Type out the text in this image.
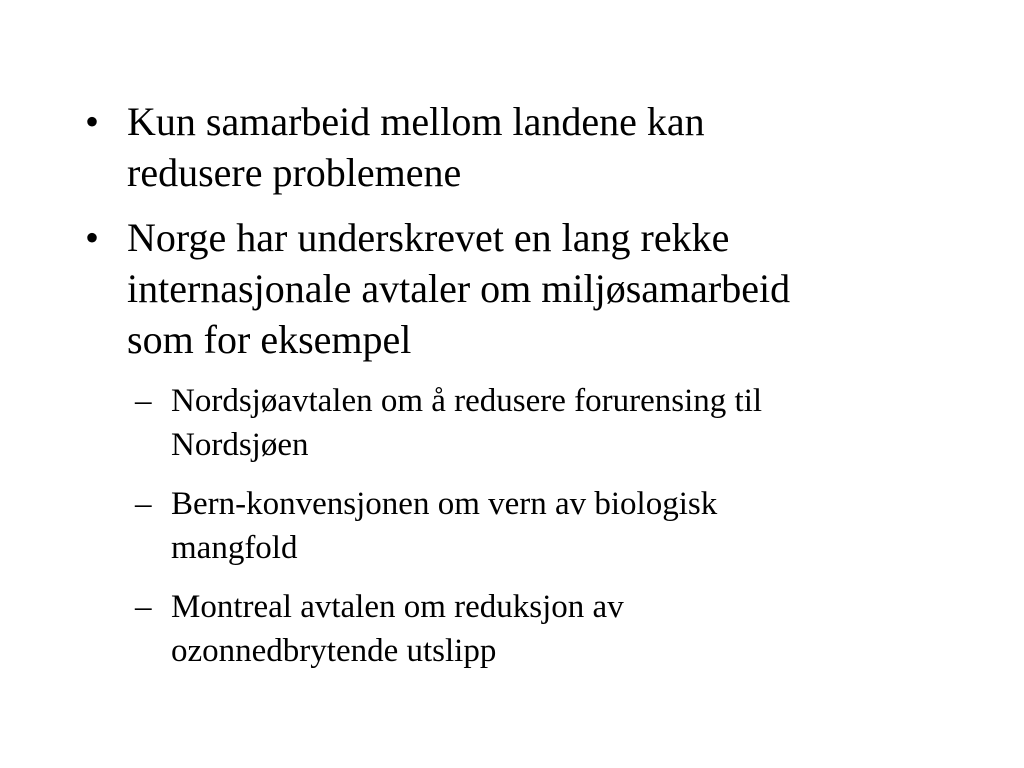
• Kun samarbeid mellom landene kan
redusere problemene
• Norge har underskrevet en lang rekke
internasjonale avtaler om miljøsamarbeid
som for eksempel
– Nordsjøavtalen om å redusere forurensing til
Nordsjøen
– Bern-konvensjonen om vern av biologisk
mangfold
– Montreal avtalen om reduksjon av
ozonnedbrytende utslipp
